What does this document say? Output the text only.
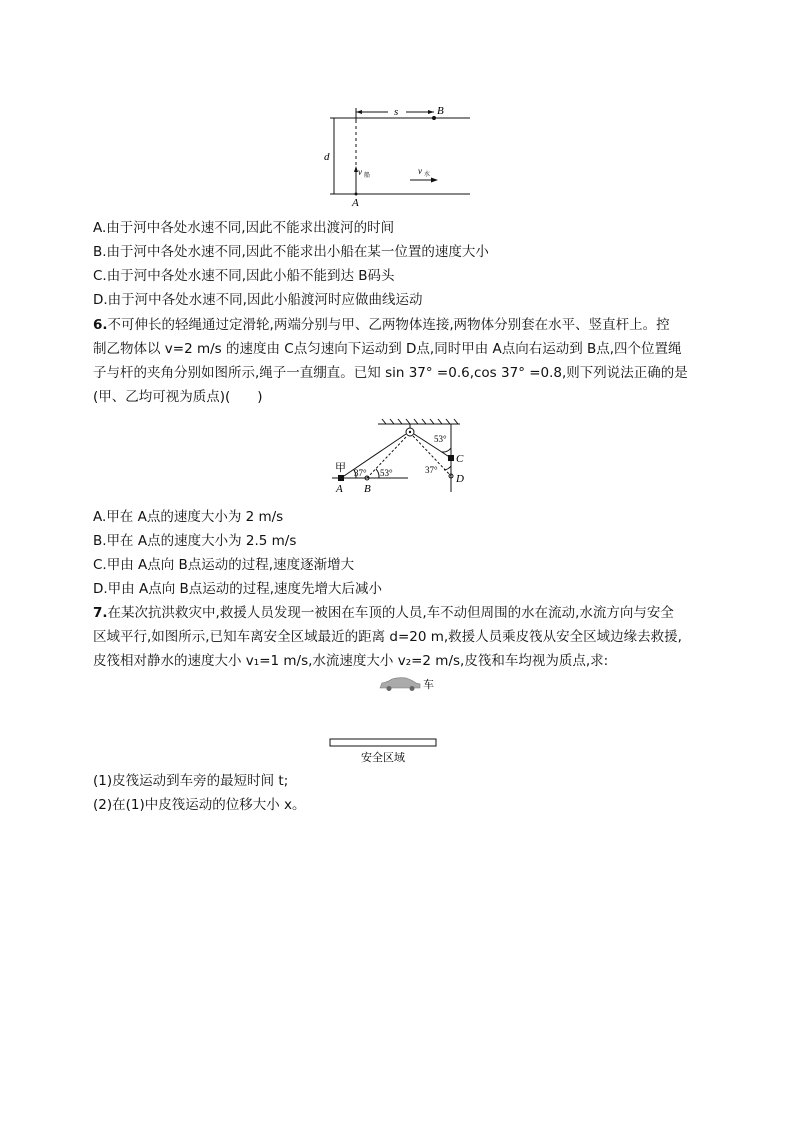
s	B
d
A
v 船	v 水
A.由于河中各处水速不同,因此不能求出渡河的时间
B.由于河中各处水速不同,因此不能求出小船在某一位置的速度大小
C.由于河中各处水速不同,因此小船不能到达 B码头
D.由于河中各处水速不同,因此小船渡河时应做曲线运动
6.不可伸长的轻绳通过定滑轮,两端分别与甲、乙两物体连接,两物体分别套在水平、竖直杆上。控
制乙物体以 v=2 m/s 的速度由 C点匀速向下运动到 D点,同时甲由 A点向右运动到 B点,四个位置绳
子与杆的夹角分别如图所示,绳子一直绷直。已知 sin 37° =0.6,cos 37° =0.8,则下列说法正确的是
(甲、乙均可视为质点)(　　)
甲
A B
C
D
37° 53°
53°
37°
A.甲在 A点的速度大小为 2 m/s
B.甲在 A点的速度大小为 2.5 m/s
C.甲由 A点向 B点运动的过程,速度逐渐增大
D.甲由 A点向 B点运动的过程,速度先增大后减小
7.在某次抗洪救灾中,救援人员发现一被困在车顶的人员,车不动但周围的水在流动,水流方向与安全
区域平行,如图所示,已知车离安全区域最近的距离 d=20 m,救援人员乘皮筏从安全区域边缘去救援,
皮筏相对静水的速度大小 v₁=1 m/s,水流速度大小 v₂=2 m/s,皮筏和车均视为质点,求:
车
安全区域
(1)皮筏运动到车旁的最短时间 t;
(2)在(1)中皮筏运动的位移大小 x。
